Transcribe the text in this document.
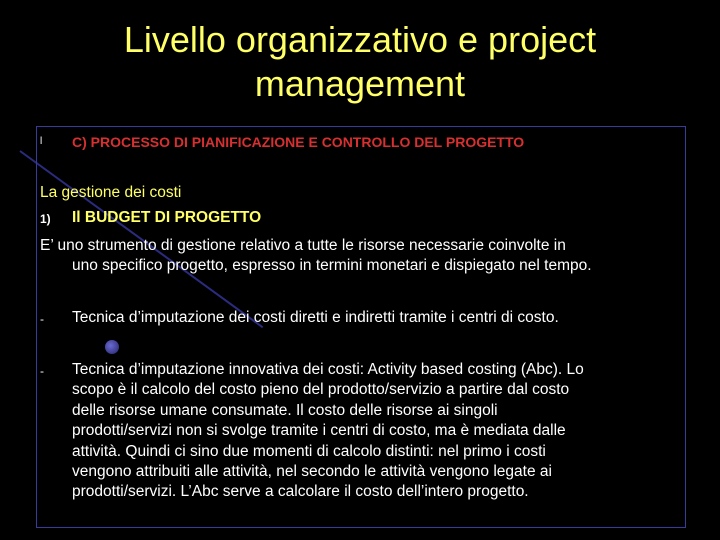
Livello organizzativo e project management
l C) PROCESSO DI PIANIFICAZIONE E CONTROLLO DEL PROGETTO
La gestione dei costi
1) Il BUDGET DI PROGETTO
E’ uno strumento di gestione relativo a tutte le risorse necessarie coinvolte in
uno specifico progetto, espresso in termini monetari e dispiegato nel tempo.
- Tecnica d’imputazione dei costi diretti e indiretti tramite i centri di costo.
- Tecnica d’imputazione innovativa dei costi: Activity based costing (Abc). Lo
scopo è il calcolo del costo pieno del prodotto/servizio a partire dal costo
delle risorse umane consumate. Il costo delle risorse ai singoli
prodotti/servizi non si svolge tramite i centri di costo, ma è mediata dalle
attività. Quindi ci sino due momenti di calcolo distinti: nel primo i costi
vengono attribuiti alle attività, nel secondo le attività vengono legate ai
prodotti/servizi. L’Abc serve a calcolare il costo dell’intero progetto.
